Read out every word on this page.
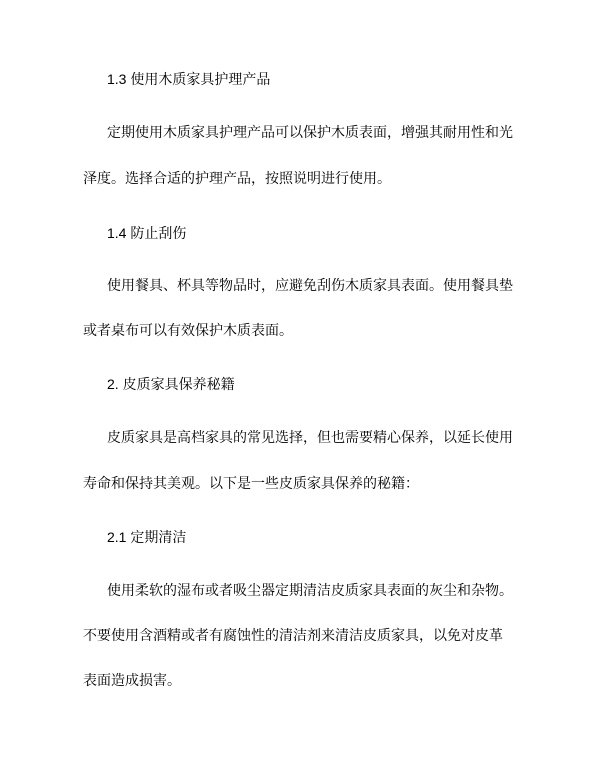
1.3 使用木质家具护理产品
定期使用木质家具护理产品可以保护木质表面，增强其耐用性和光
泽度。选择合适的护理产品，按照说明进行使用。
1.4 防止刮伤
使用餐具、杯具等物品时，应避免刮伤木质家具表面。使用餐具垫
或者桌布可以有效保护木质表面。
2. 皮质家具保养秘籍
皮质家具是高档家具的常见选择，但也需要精心保养，以延长使用
寿命和保持其美观。以下是一些皮质家具保养的秘籍：
2.1 定期清洁
使用柔软的湿布或者吸尘器定期清洁皮质家具表面的灰尘和杂物。
不要使用含酒精或者有腐蚀性的清洁剂来清洁皮质家具，以免对皮革
表面造成损害。
